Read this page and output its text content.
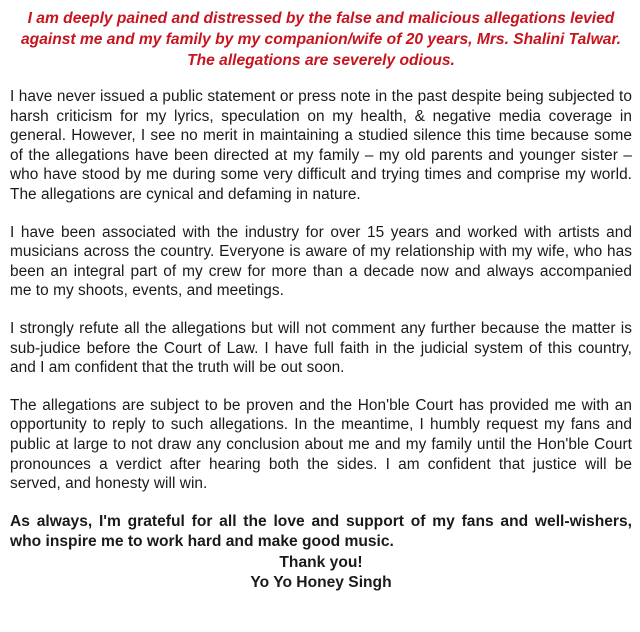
I am deeply pained and distressed by the false and malicious allegations levied against me and my family by my companion/wife of 20 years, Mrs. Shalini Talwar. The allegations are severely odious.

I have never issued a public statement or press note in the past despite being subjected to harsh criticism for my lyrics, speculation on my health, & negative media coverage in general. However, I see no merit in maintaining a studied silence this time because some of the allegations have been directed at my family – my old parents and younger sister – who have stood by me during some very difficult and trying times and comprise my world. The allegations are cynical and defaming in nature.

I have been associated with the industry for over 15 years and worked with artists and musicians across the country. Everyone is aware of my relationship with my wife, who has been an integral part of my crew for more than a decade now and always accompanied me to my shoots, events, and meetings.

I strongly refute all the allegations but will not comment any further because the matter is sub-judice before the Court of Law. I have full faith in the judicial system of this country, and I am confident that the truth will be out soon.

The allegations are subject to be proven and the Hon'ble Court has provided me with an opportunity to reply to such allegations. In the meantime, I humbly request my fans and public at large to not draw any conclusion about me and my family until the Hon'ble Court pronounces a verdict after hearing both the sides. I am confident that justice will be served, and honesty will win.

As always, I'm grateful for all the love and support of my fans and well-wishers, who inspire me to work hard and make good music.

Thank you!
Yo Yo Honey Singh
